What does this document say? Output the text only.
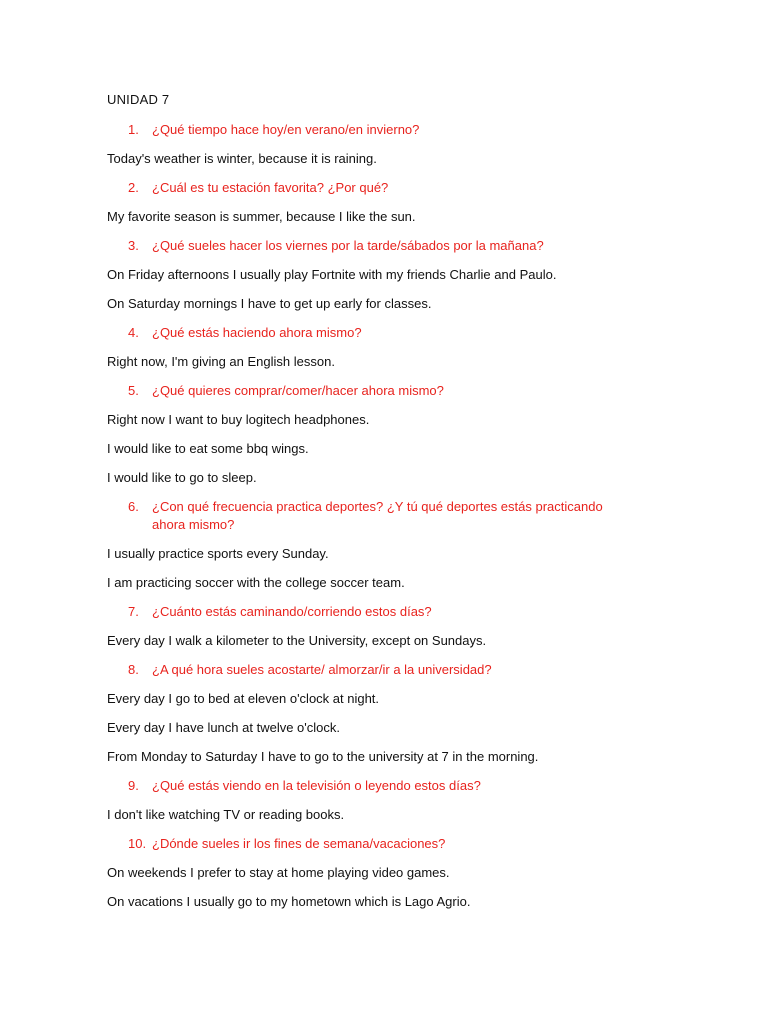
UNIDAD 7
1.	¿Qué tiempo hace hoy/en verano/en invierno?
Today's weather is winter, because it is raining.
2.	¿Cuál es tu estación favorita? ¿Por qué?
My favorite season is summer, because I like the sun.
3.	¿Qué sueles hacer los viernes por la tarde/sábados por la mañana?
On Friday afternoons I usually play Fortnite with my friends Charlie and Paulo.
On Saturday mornings I have to get up early for classes.
4.	¿Qué estás haciendo ahora mismo?
Right now, I'm giving an English lesson.
5.	¿Qué quieres comprar/comer/hacer ahora mismo?
Right now I want to buy logitech headphones.
I would like to eat some bbq wings.
I would like to go to sleep.
6.	¿Con qué frecuencia practica deportes? ¿Y tú qué deportes estás practicando ahora mismo?
I usually practice sports every Sunday.
I am practicing soccer with the college soccer team.
7.	¿Cuánto estás caminando/corriendo estos días?
Every day I walk a kilometer to the University, except on Sundays.
8.	¿A qué hora sueles acostarte/ almorzar/ir a la universidad?
Every day I go to bed at eleven o'clock at night.
Every day I have lunch at twelve o'clock.
From Monday to Saturday I have to go to the university at 7 in the morning.
9.	¿Qué estás viendo en la televisión o leyendo estos días?
I don't like watching TV or reading books.
10. ¿Dónde sueles ir los fines de semana/vacaciones?
On weekends I prefer to stay at home playing video games.
On vacations I usually go to my hometown which is Lago Agrio.
